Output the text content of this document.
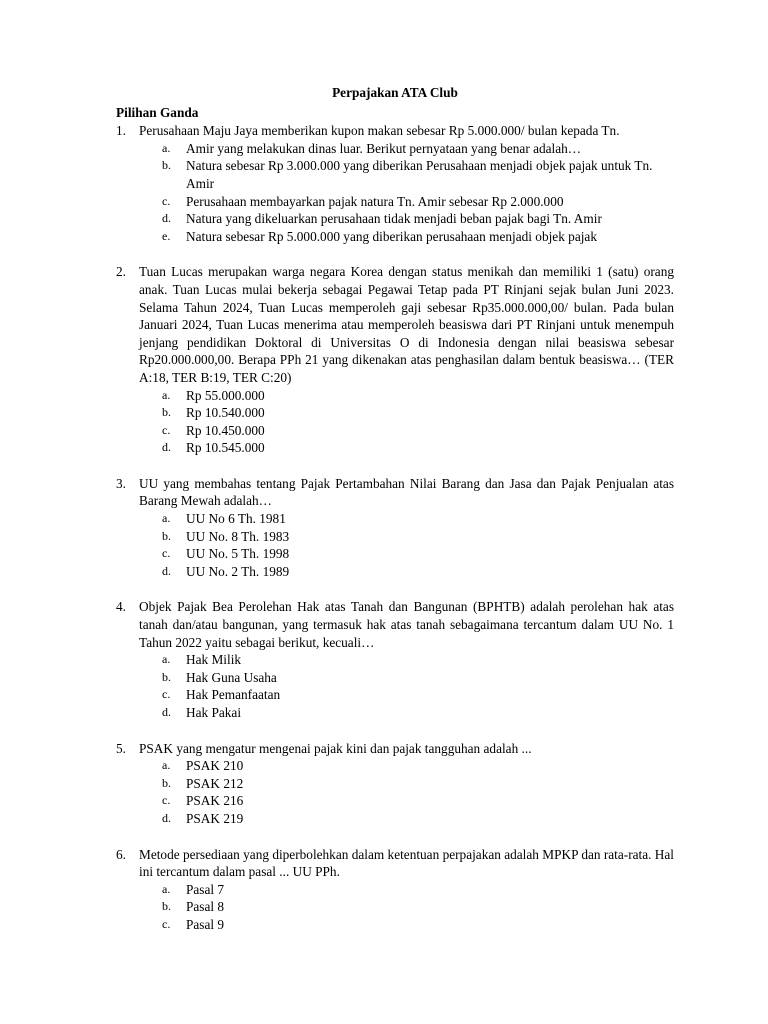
Perpajakan ATA Club
Pilihan Ganda
1. Perusahaan Maju Jaya memberikan kupon makan sebesar Rp 5.000.000/ bulan kepada Tn.
a. Amir yang melakukan dinas luar. Berikut pernyataan yang benar adalah…
b. Natura sebesar Rp 3.000.000 yang diberikan Perusahaan menjadi objek pajak untuk Tn. Amir
c. Perusahaan membayarkan pajak natura Tn. Amir sebesar Rp 2.000.000
d. Natura yang dikeluarkan perusahaan tidak menjadi beban pajak bagi Tn. Amir
e. Natura sebesar Rp 5.000.000 yang diberikan perusahaan menjadi objek pajak
2. Tuan Lucas merupakan warga negara Korea dengan status menikah dan memiliki 1 (satu) orang anak. Tuan Lucas mulai bekerja sebagai Pegawai Tetap pada PT Rinjani sejak bulan Juni 2023. Selama Tahun 2024, Tuan Lucas memperoleh gaji sebesar Rp35.000.000,00/ bulan. Pada bulan Januari 2024, Tuan Lucas menerima atau memperoleh beasiswa dari PT Rinjani untuk menempuh jenjang pendidikan Doktoral di Universitas O di Indonesia dengan nilai beasiswa sebesar Rp20.000.000,00. Berapa PPh 21 yang dikenakan atas penghasilan dalam bentuk beasiswa… (TER A:18, TER B:19, TER C:20)
a. Rp 55.000.000
b. Rp 10.540.000
c. Rp 10.450.000
d. Rp 10.545.000
3. UU yang membahas tentang Pajak Pertambahan Nilai Barang dan Jasa dan Pajak Penjualan atas Barang Mewah adalah…
a. UU No 6 Th. 1981
b. UU No. 8 Th. 1983
c. UU No. 5 Th. 1998
d. UU No. 2 Th. 1989
4. Objek Pajak Bea Perolehan Hak atas Tanah dan Bangunan (BPHTB) adalah perolehan hak atas tanah dan/atau bangunan, yang termasuk hak atas tanah sebagaimana tercantum dalam UU No. 1 Tahun 2022 yaitu sebagai berikut, kecuali…
a. Hak Milik
b. Hak Guna Usaha
c. Hak Pemanfaatan
d. Hak Pakai
5. PSAK yang mengatur mengenai pajak kini dan pajak tangguhan adalah ...
a. PSAK 210
b. PSAK 212
c. PSAK 216
d. PSAK 219
6. Metode persediaan yang diperbolehkan dalam ketentuan perpajakan adalah MPKP dan rata-rata. Hal ini tercantum dalam pasal ... UU PPh.
a. Pasal 7
b. Pasal 8
c. Pasal 9
